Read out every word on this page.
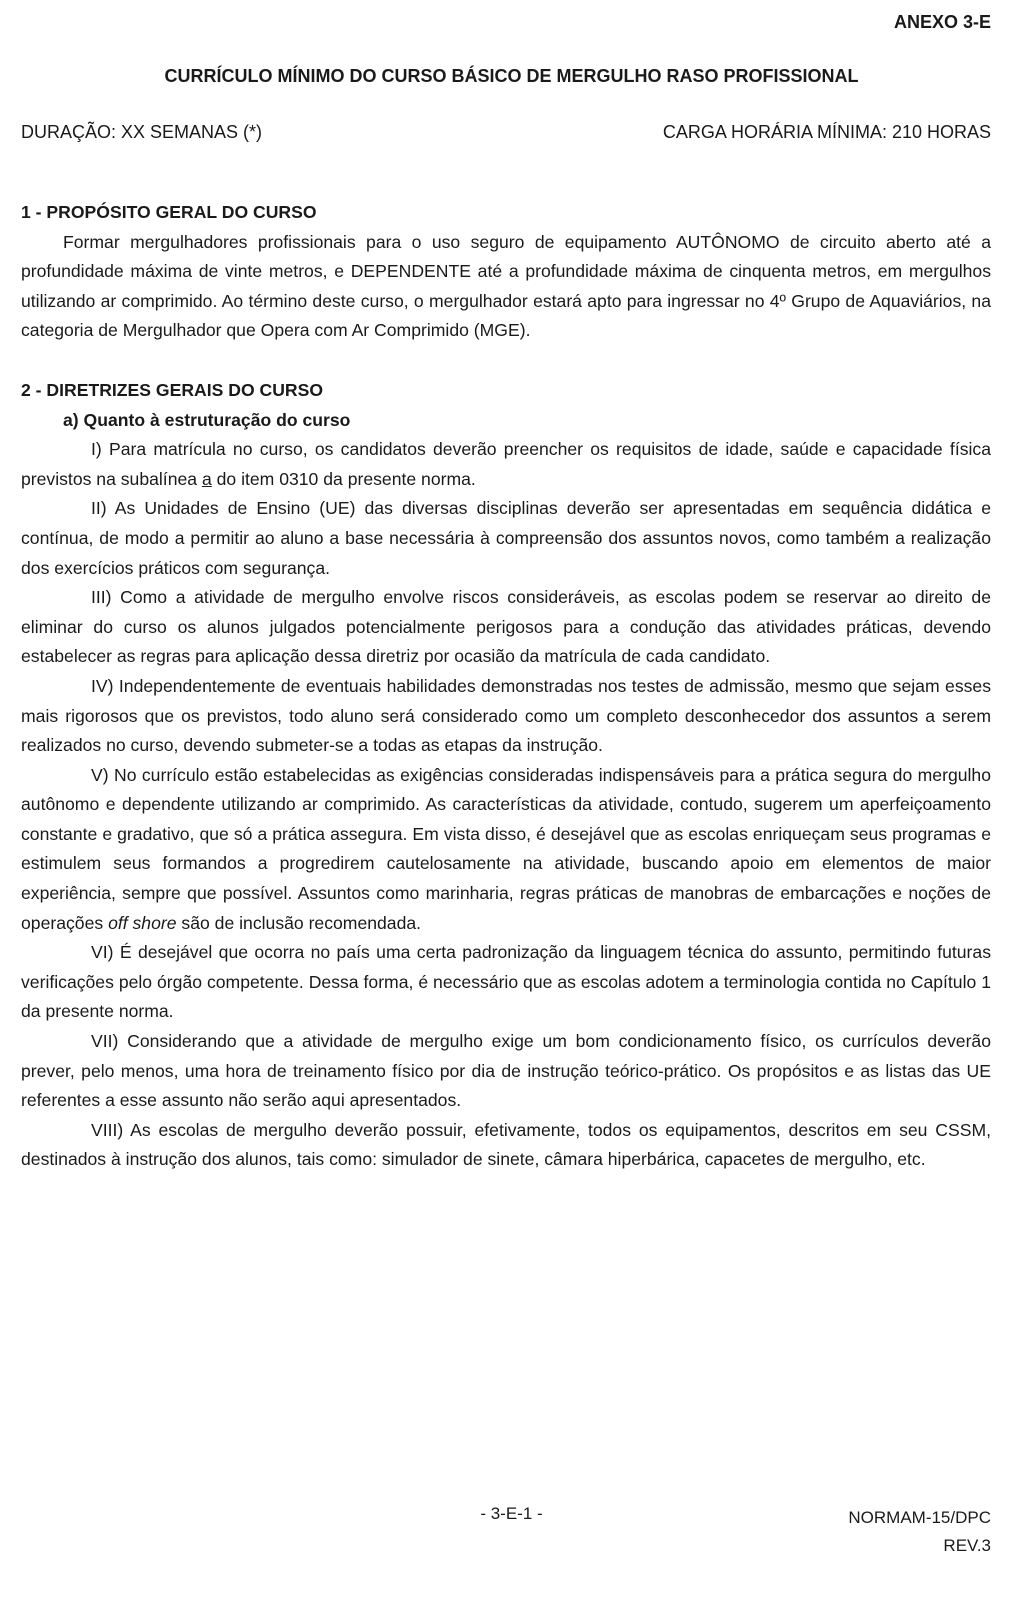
ANEXO 3-E
CURRÍCULO MÍNIMO DO CURSO BÁSICO DE MERGULHO RASO PROFISSIONAL
DURAÇÃO: XX SEMANAS (*)	CARGA HORÁRIA MÍNIMA: 210 HORAS
1 - PROPÓSITO GERAL DO CURSO

Formar mergulhadores profissionais para o uso seguro de equipamento AUTÔNOMO de circuito aberto até a profundidade máxima de vinte metros, e DEPENDENTE até a profundidade máxima de cinquenta metros, em mergulhos utilizando ar comprimido. Ao término deste curso, o mergulhador estará apto para ingressar no 4º Grupo de Aquaviários, na categoria de Mergulhador que Opera com Ar Comprimido (MGE).

2 - DIRETRIZES GERAIS DO CURSO
a) Quanto à estruturação do curso

I) Para matrícula no curso, os candidatos deverão preencher os requisitos de idade, saúde e capacidade física previstos na subalínea a do item 0310 da presente norma.

II) As Unidades de Ensino (UE) das diversas disciplinas deverão ser apresentadas em sequência didática e contínua, de modo a permitir ao aluno a base necessária à compreensão dos assuntos novos, como também a realização dos exercícios práticos com segurança.

III) Como a atividade de mergulho envolve riscos consideráveis, as escolas podem se reservar ao direito de eliminar do curso os alunos julgados potencialmente perigosos para a condução das atividades práticas, devendo estabelecer as regras para aplicação dessa diretriz por ocasião da matrícula de cada candidato.

IV) Independentemente de eventuais habilidades demonstradas nos testes de admissão, mesmo que sejam esses mais rigorosos que os previstos, todo aluno será considerado como um completo desconhecedor dos assuntos a serem realizados no curso, devendo submeter-se a todas as etapas da instrução.

V) No currículo estão estabelecidas as exigências consideradas indispensáveis para a prática segura do mergulho autônomo e dependente utilizando ar comprimido. As características da atividade, contudo, sugerem um aperfeiçoamento constante e gradativo, que só a prática assegura. Em vista disso, é desejável que as escolas enriqueçam seus programas e estimulem seus formandos a progredirem cautelosamente na atividade, buscando apoio em elementos de maior experiência, sempre que possível. Assuntos como marinharia, regras práticas de manobras de embarcações e noções de operações off shore são de inclusão recomendada.

VI) É desejável que ocorra no país uma certa padronização da linguagem técnica do assunto, permitindo futuras verificações pelo órgão competente. Dessa forma, é necessário que as escolas adotem a terminologia contida no Capítulo 1 da presente norma.

VII) Considerando que a atividade de mergulho exige um bom condicionamento físico, os currículos deverão prever, pelo menos, uma hora de treinamento físico por dia de instrução teórico-prático. Os propósitos e as listas das UE referentes a esse assunto não serão aqui apresentados.

VIII) As escolas de mergulho deverão possuir, efetivamente, todos os equipamentos, descritos em seu CSSM, destinados à instrução dos alunos, tais como: simulador de sinete, câmara hiperbárica, capacetes de mergulho, etc.

- 3-E-1 -	NORMAM-15/DPC
REV.3
